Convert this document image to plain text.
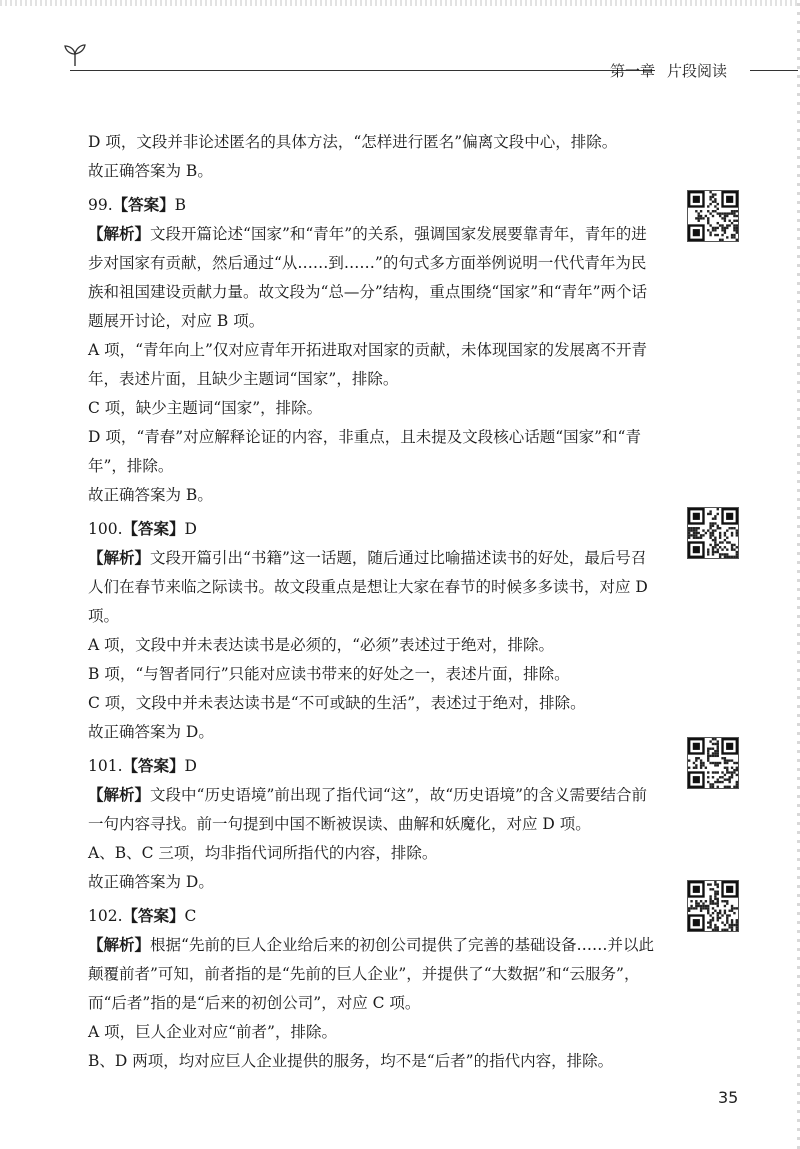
第一章 片段阅读

D 项，文段并非论述匿名的具体方法，“怎样进行匿名”偏离文段中心，排除。

故正确答案为 B。

99.【答案】B

【解析】文段开篇论述“国家”和“青年”的关系，强调国家发展要靠青年，青年的进步对国家有贡献，然后通过“从……到……”的句式多方面举例说明一代代青年为民族和祖国建设贡献力量。故文段为“总—分”结构，重点围绕“国家”和“青年”两个话题展开讨论，对应 B 项。

A 项，“青年向上”仅对应青年开拓进取对国家的贡献，未体现国家的发展离不开青年，表述片面，且缺少主题词“国家”，排除。

C 项，缺少主题词“国家”，排除。

D 项，“青春”对应解释论证的内容，非重点，且未提及文段核心话题“国家”和“青年”，排除。

故正确答案为 B。

100.【答案】D

【解析】文段开篇引出“书籍”这一话题，随后通过比喻描述读书的好处，最后号召人们在春节来临之际读书。故文段重点是想让大家在春节的时候多多读书，对应 D 项。

A 项，文段中并未表达读书是必须的，“必须”表述过于绝对，排除。

B 项，“与智者同行”只能对应读书带来的好处之一，表述片面，排除。

C 项，文段中并未表达读书是“不可或缺的生活”，表述过于绝对，排除。

故正确答案为 D。

101.【答案】D

【解析】文段中“历史语境”前出现了指代词“这”，故“历史语境”的含义需要结合前一句内容寻找。前一句提到中国不断被误读、曲解和妖魔化，对应 D 项。

A、B、C 三项，均非指代词所指代的内容，排除。

故正确答案为 D。

102.【答案】C

【解析】根据“先前的巨人企业给后来的初创公司提供了完善的基础设备……并以此颠覆前者”可知，前者指的是“先前的巨人企业”，并提供了“大数据”和“云服务”，而“后者”指的是“后来的初创公司”，对应 C 项。

A 项，巨人企业对应“前者”，排除。

B、D 两项，均对应巨人企业提供的服务，均不是“后者”的指代内容，排除。

35
